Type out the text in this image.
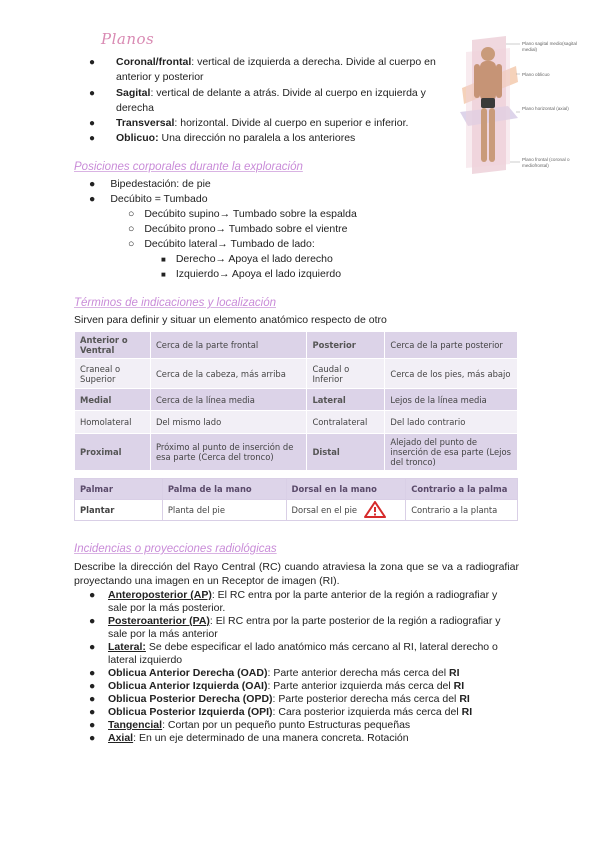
Planos
● Coronal/frontal: vertical de izquierda a derecha. Divide al cuerpo en anterior y posterior
● Sagital: vertical de delante a atrás. Divide al cuerpo en izquierda y derecha
● Transversal: horizontal. Divide al cuerpo en superior e inferior.
● Oblicuo: Una dirección no paralela a los anteriores
Plano sagital medio(sagital medial)
Plano oblicuo
Plano horizontal (axial)
Plano frontal (coronal o mediofrontal)
Posiciones corporales durante la exploración
● Bipedestación: de pie
● Decúbito = Tumbado
○ Decúbito supino→ Tumbado sobre la espalda
○ Decúbito prono→ Tumbado sobre el vientre
○ Decúbito lateral→ Tumbado de lado:
■ Derecho→ Apoya el lado derecho
■ Izquierdo→ Apoya el lado izquierdo
Términos de indicaciones y localización
Sirven para definir y situar un elemento anatómico respecto de otro
Anterior o Ventral	Cerca de la parte frontal	Posterior	Cerca de la parte posterior
Craneal o Superior	Cerca de la cabeza, más arriba	Caudal o Inferior	Cerca de los pies, más abajo
Medial	Cerca de la línea media	Lateral	Lejos de la línea media
Homolateral	Del mismo lado	Contralateral	Del lado contrario
Proximal	Próximo al punto de inserción de esa parte (Cerca del tronco)	Distal	Alejado del punto de inserción de esa parte (Lejos del tronco)
Palmar	Palma de la mano	Dorsal en la mano	Contrario a la palma
Plantar	Planta del pie	Dorsal en el pie	Contrario a la planta
Incidencias o proyecciones radiológicas
Describe la dirección del Rayo Central (RC) cuando atraviesa la zona que se va a radiografiar proyectando una imagen en un Receptor de imagen (RI).
● Anteroposterior (AP): El RC entra por la parte anterior de la región a radiografiar y sale por la más posterior.
● Posteroanterior (PA): El RC entra por la parte posterior de la región a radiografiar y sale por la más anterior
● Lateral: Se debe especificar el lado anatómico más cercano al RI, lateral derecho o lateral izquierdo
● Oblicua Anterior Derecha (OAD): Parte anterior derecha más cerca del RI
● Oblicua Anterior Izquierda (OAI): Parte anterior izquierda más cerca del RI
● Oblicua Posterior Derecha (OPD): Parte posterior derecha más cerca del RI
● Oblicua Posterior Izquierda (OPI): Cara posterior izquierda más cerca del RI
● Tangencial: Cortan por un pequeño punto Estructuras pequeñas
● Axial: En un eje determinado de una manera concreta. Rotación
